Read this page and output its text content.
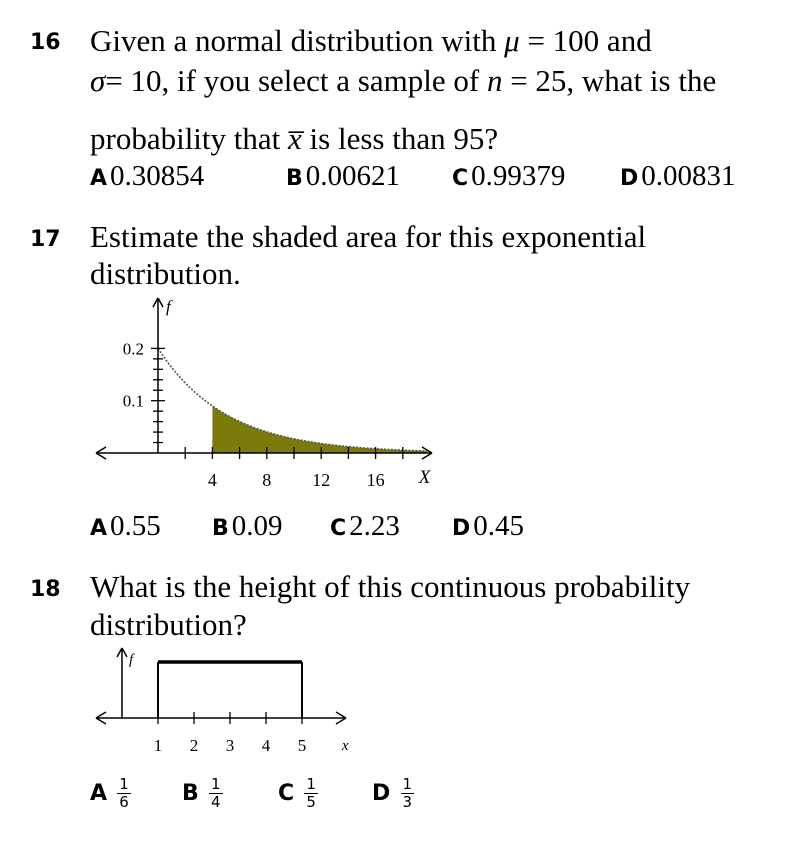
16 Given a normal distribution with μ = 100 and
σ= 10, if you select a sample of n = 25, what is the
probability that x̅ is less than 95?
A 0.30854	B 0.00621 C 0.99379 D 0.00831
17 Estimate the shaded area for this exponential
distribution.
f
0.2
0.1
4	8 12 16 X
A 0.55 B 0.09 C 2.23 D 0.45
18 What is the height of this continuous probability
distribution?
f
1 2 3 4 5 x
A $\frac{1}{6}$ B $\frac{1}{4}$	C $\frac{1}{5}$ D $\frac{1}{3}$
